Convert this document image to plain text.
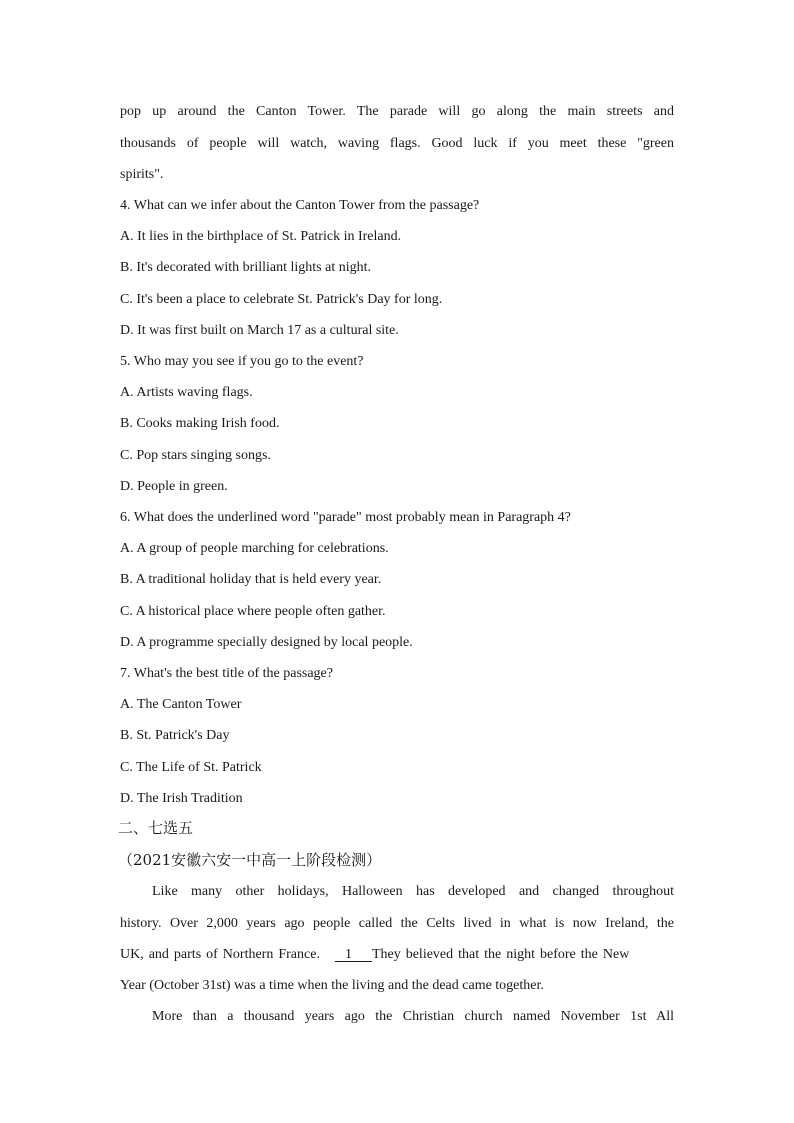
pop up around the Canton Tower. The parade will go along the main streets and
thousands of people will watch, waving flags. Good luck if you meet these "green
spirits".
4. What can we infer about the Canton Tower from the passage?
A. It lies in the birthplace of St. Patrick in Ireland.
B. It's decorated with brilliant lights at night.
C. It's been a place to celebrate St. Patrick's Day for long.
D. It was first built on March 17 as a cultural site.
5. Who may you see if you go to the event?
A. Artists waving flags.
B. Cooks making Irish food.
C. Pop stars singing songs.
D. People in green.
6. What does the underlined word "parade" most probably mean in Paragraph 4?
A. A group of people marching for celebrations.
B. A traditional holiday that is held every year.
C. A historical place where people often gather.
D. A programme specially designed by local people.
7. What's the best title of the passage?
A. The Canton Tower
B. St. Patrick's Day
C. The Life of St. Patrick
D. The Irish Tradition
二、七选五
（2021安徽六安一中高一上阶段检测）
Like many other holidays, Halloween has developed and changed throughout
history. Over 2,000 years ago people called the Celts lived in what is now Ireland, the
UK, and parts of Northern France. 1 They believed that the night before the New
Year (October 31st) was a time when the living and the dead came together.
More than a thousand years ago the Christian church named November 1st All
